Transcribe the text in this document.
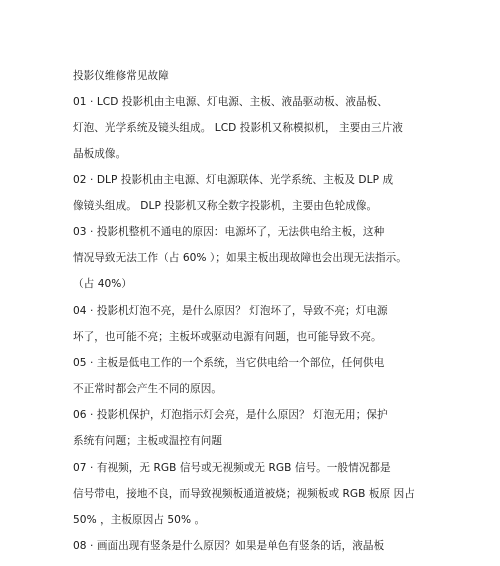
投影仪维修常见故障
01 · LCD 投影机由主电源、灯电源、主板、液晶驱动板、液晶板、
灯泡、光学系统及镜头组成。 LCD 投影机又称模拟机， 主要由三片液
晶板成像。
02 · DLP 投影机由主电源、灯电源联体、光学系统、主板及 DLP 成
像镜头组成。 DLP 投影机又称全数字投影机，主要由色轮成像。
03 · 投影机整机不通电的原因：电源坏了，无法供电给主板，这种
情况导致无法工作（占 60% ）；如果主板出现故障也会出现无法指示。
（占 40%）
04 · 投影机灯泡不亮，是什么原因？ 灯泡坏了，导致不亮；灯电源
坏了，也可能不亮；主板坏或驱动电源有问题，也可能导致不亮。
05 · 主板是低电工作的一个系统，当它供电给一个部位，任何供电
不正常时都会产生不同的原因。
06 · 投影机保护，灯泡指示灯会亮，是什么原因？ 灯泡无用；保护
系统有问题；主板或温控有问题
07 · 有视频，无 RGB 信号或无视频或无 RGB 信号。一般情况都是
信号带电，接地不良，而导致视频板通道被烧；视频板或 RGB 板原 因占
50% ，主板原因占 50% 。
08 · 画面出现有竖条是什么原因？如果是单色有竖条的话，液晶板
